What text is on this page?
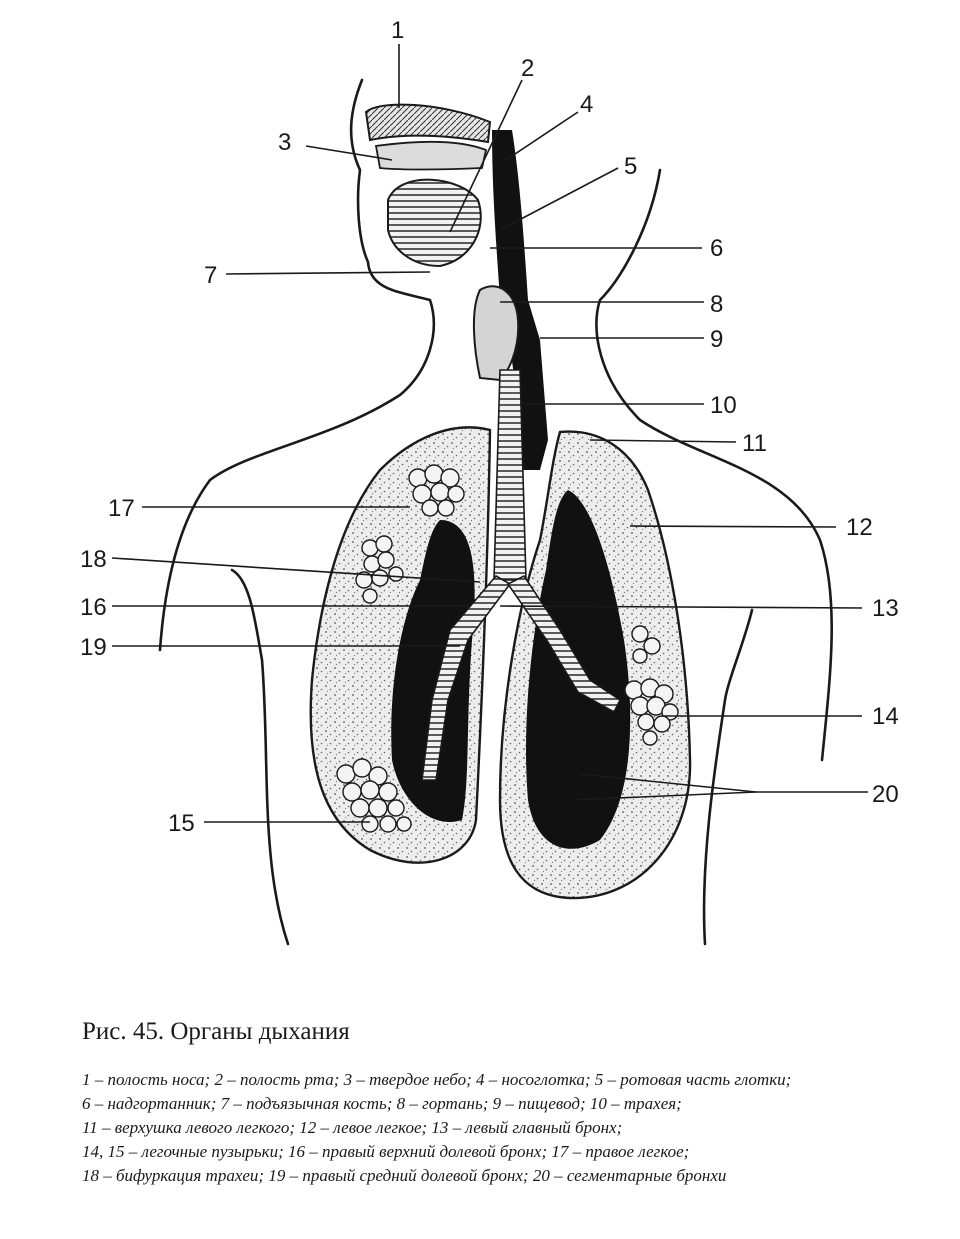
1
2
3
4
5
6
7
8
9
10
11
12
13
14
15
16
17
18
19
20
Рис. 45. Органы дыхания
1 – полость носа; 2 – полость рта; 3 – твердое небо; 4 – носоглотка; 5 – ротовая часть глотки;
6 – надгортанник; 7 – подъязычная кость; 8 – гортань; 9 – пищевод; 10 – трахея;
11 – верхушка левого легкого; 12 – левое легкое; 13 – левый главный бронх;
14, 15 – легочные пузырьки; 16 – правый верхний долевой бронх; 17 – правое легкое;
18 – бифуркация трахеи; 19 – правый средний долевой бронх; 20 – сегментарные бронхи
